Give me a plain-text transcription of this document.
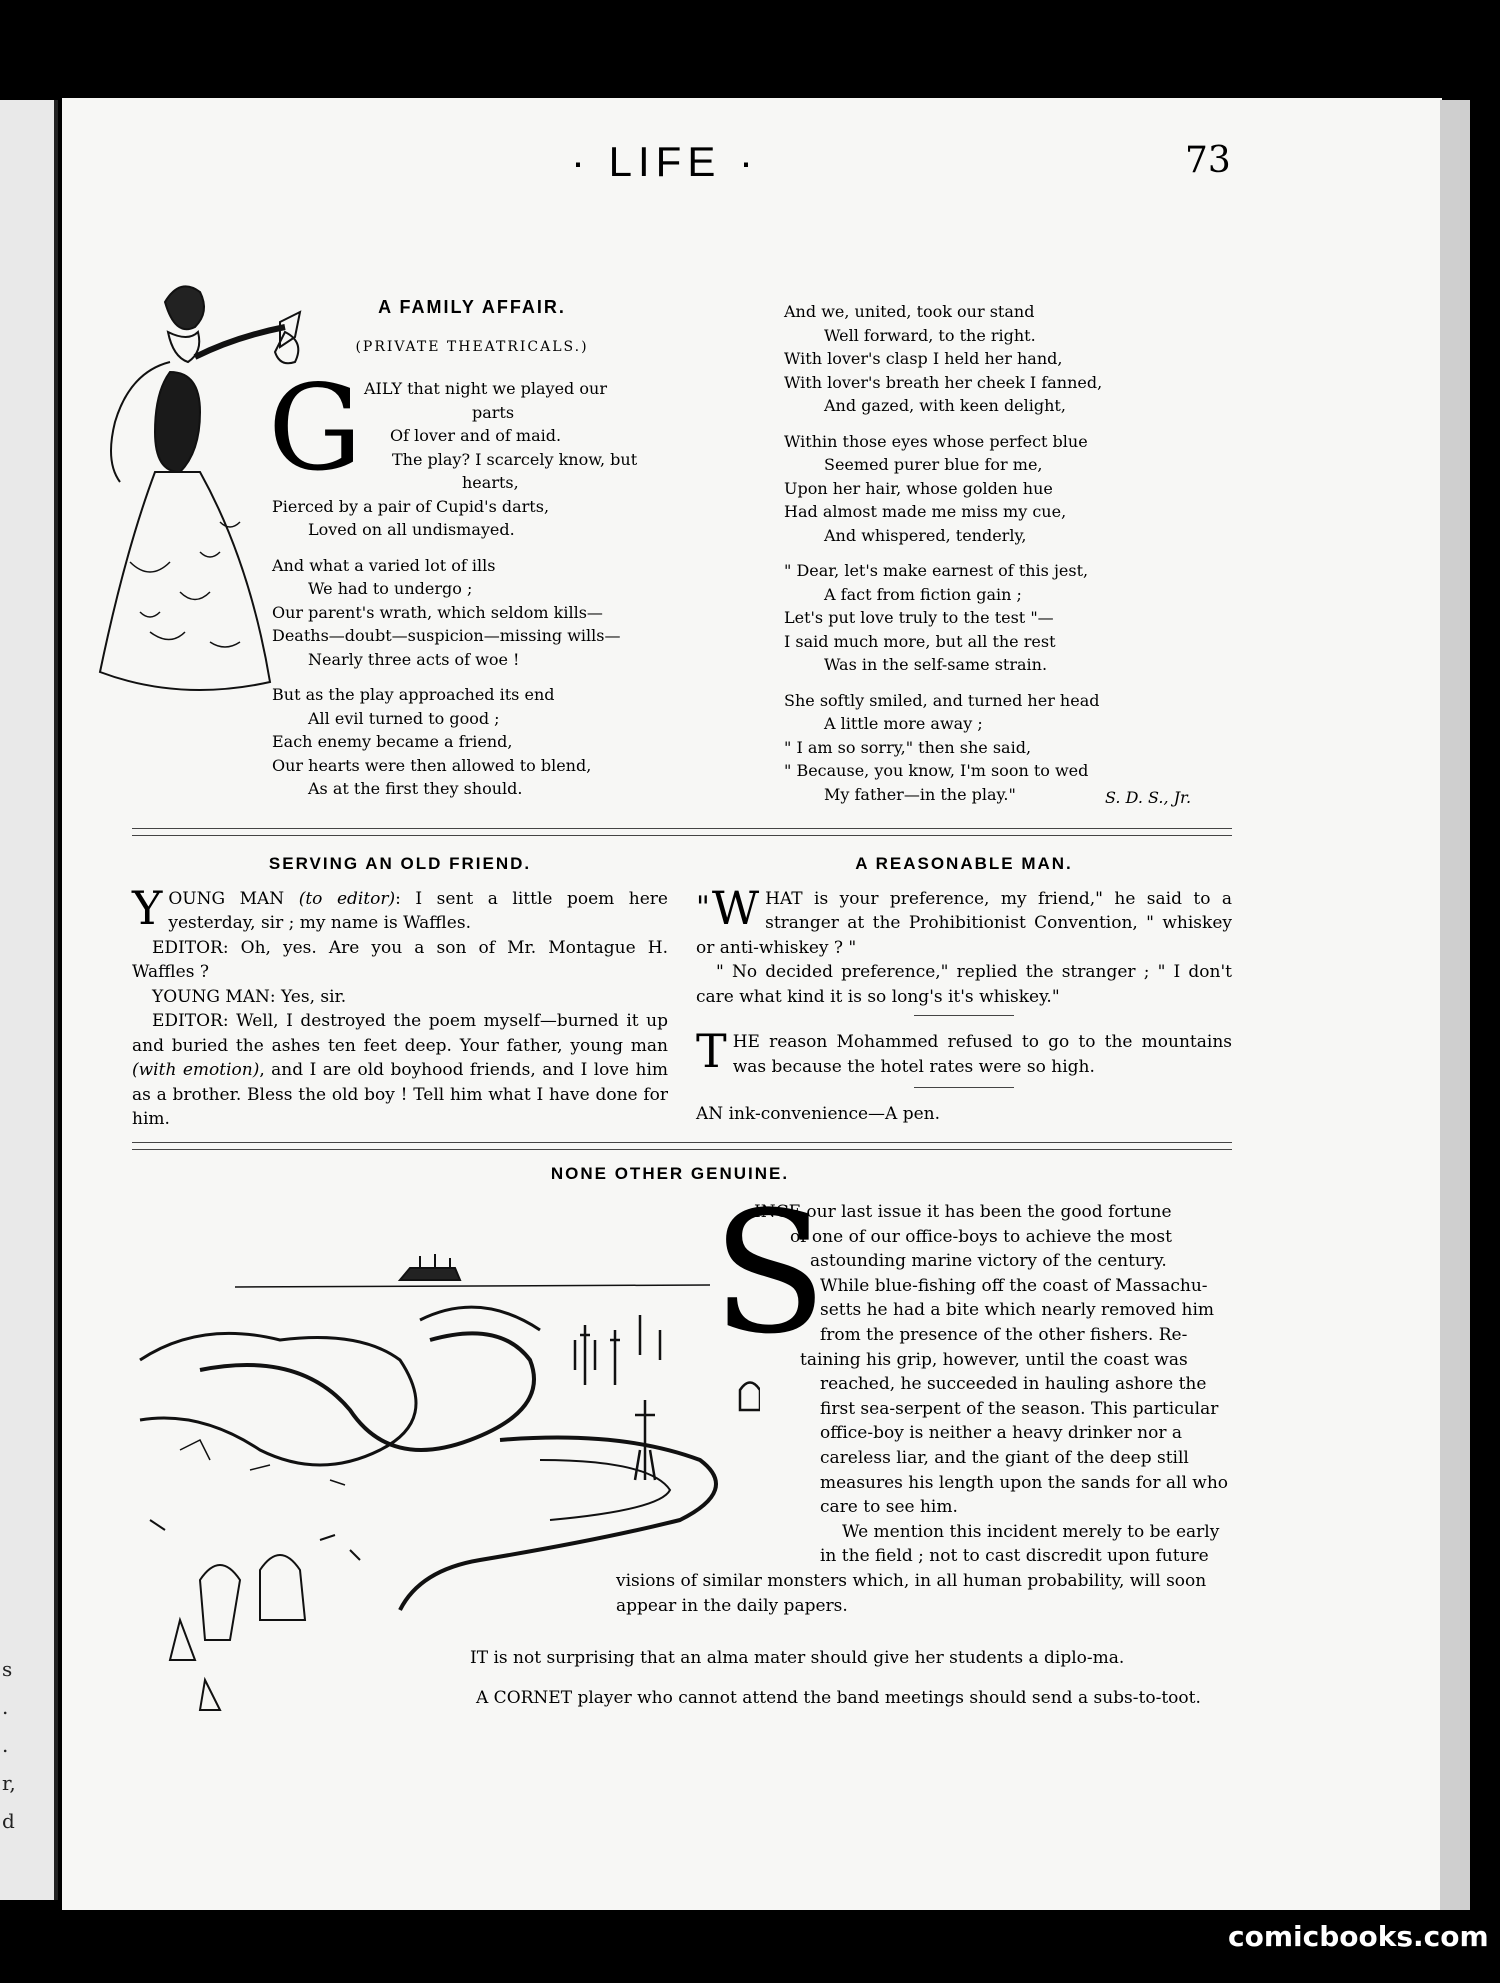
s
.
.
r,
d
· LIFE ·	73
G
A FAMILY AFFAIR.
(PRIVATE THEATRICALS.)
AILY that night we played our
parts
Of lover and of maid.
The play? I scarcely know, but
hearts,
Pierced by a pair of Cupid's darts,
Loved on all undismayed.
And what a varied lot of ills
We had to undergo ;
Our parent's wrath, which seldom kills—
Deaths—doubt—suspicion—missing wills—
Nearly three acts of woe !
But as the play approached its end
All evil turned to good ;
Each enemy became a friend,
Our hearts were then allowed to blend,
As at the first they should.
And we, united, took our stand
Well forward, to the right.
With lover's clasp I held her hand,
With lover's breath her cheek I fanned,
And gazed, with keen delight,
Within those eyes whose perfect blue
Seemed purer blue for me,
Upon her hair, whose golden hue
Had almost made me miss my cue,
And whispered, tenderly,
" Dear, let's make earnest of this jest,
A fact from fiction gain ;
Let's put love truly to the test "—
I said much more, but all the rest
Was in the self-same strain.
She softly smiled, and turned her head
A little more away ;
" I am so sorry," then she said,
" Because, you know, I'm soon to wed
My father—in the play."	S. D. S., Jr.
SERVING AN OLD FRIEND.

YOUNG MAN (to editor): I sent a little poem here yesterday, sir ; my name is Waffles.

EDITOR: Oh, yes. Are you a son of Mr. Montague H. Waffles ?

YOUNG MAN: Yes, sir.

EDITOR: Well, I destroyed the poem myself—burned it up and buried the ashes ten feet deep. Your father, young man (with emotion), and I are old boyhood friends, and I love him as a brother. Bless the old boy ! Tell him what I have done for him.

A REASONABLE MAN.

" W HAT is your preference, my friend," he said to a stranger at the Prohibitionist Convention, " whiskey or anti-whiskey ? "

" No decided preference," replied the stranger ; " I don't care what kind it is so long's it's whiskey."

THE reason Mohammed refused to go to the mountains was because the hotel rates were so high.

AN ink-convenience—A pen.

NONE OTHER GENUINE.
S
INCE our last issue it has been the good fortune
of one of our office-boys to achieve the most
astounding marine victory of the century.
While blue-fishing off the coast of Massachu-
setts he had a bite which nearly removed him
from the presence of the other fishers. Re-
taining his grip, however, until the coast was
reached, he succeeded in hauling ashore the
first sea-serpent of the season. This particular
office-boy is neither a heavy drinker nor a
careless liar, and the giant of the deep still
measures his length upon the sands for all who
care to see him.
We mention this incident merely to be early
in the field ; not to cast discredit upon future
visions of similar monsters which, in all human probability, will soon
appear in the daily papers.
IT is not surprising that an alma mater should give her students a diplo-ma.
A CORNET player who cannot attend the band meetings should send a subs-to-toot.
comicbooks.com
